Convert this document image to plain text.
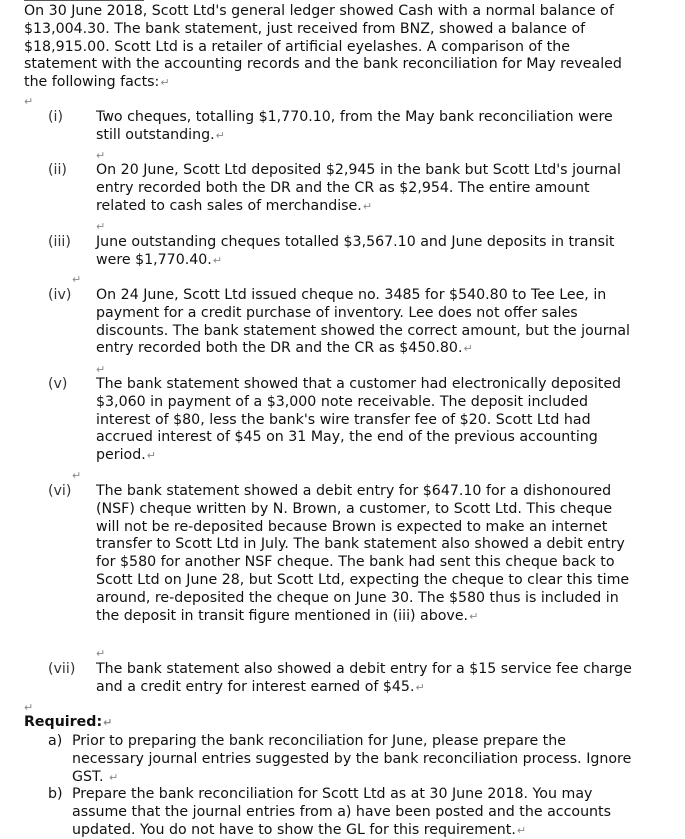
On 30 June 2018, Scott Ltd's general ledger showed Cash with a normal balance of $13,004.30. The bank statement, just received from BNZ, showed a balance of $18,915.00. Scott Ltd is a retailer of artificial eyelashes. A comparison of the statement with the accounting records and the bank reconciliation for May revealed the following facts:↵
↵
(i)	Two cheques, totalling $1,770.10, from the May bank reconciliation were still outstanding.↵
↵
(ii)	On 20 June, Scott Ltd deposited $2,945 in the bank but Scott Ltd's journal entry recorded both the DR and the CR as $2,954. The entire amount related to cash sales of merchandise.↵
↵
(iii)	June outstanding cheques totalled $3,567.10 and June deposits in transit were $1,770.40.↵
↵
(iv)	On 24 June, Scott Ltd issued cheque no. 3485 for $540.80 to Tee Lee, in payment for a credit purchase of inventory. Lee does not offer sales discounts. The bank statement showed the correct amount, but the journal entry recorded both the DR and the CR as $450.80.↵
↵
(v)	The bank statement showed that a customer had electronically deposited $3,060 in payment of a $3,000 note receivable. The deposit included interest of $80, less the bank's wire transfer fee of $20. Scott Ltd had accrued interest of $45 on 31 May, the end of the previous accounting period.↵
↵
(vi)	The bank statement showed a debit entry for $647.10 for a dishonoured (NSF) cheque written by N. Brown, a customer, to Scott Ltd. This cheque will not be re-deposited because Brown is expected to make an internet transfer to Scott Ltd in July. The bank statement also showed a debit entry for $580 for another NSF cheque. The bank had sent this cheque back to Scott Ltd on June 28, but Scott Ltd, expecting the cheque to clear this time around, re-deposited the cheque on June 30. The $580 thus is included in the deposit in transit figure mentioned in (iii) above.↵
↵
(vii)	The bank statement also showed a debit entry for a $15 service fee charge and a credit entry for interest earned of $45.↵
↵
Required:↵
a) Prior to preparing the bank reconciliation for June, please prepare the necessary journal entries suggested by the bank reconciliation process. Ignore GST. ↵
b) Prepare the bank reconciliation for Scott Ltd as at 30 June 2018. You may assume that the journal entries from a) have been posted and the accounts updated. You do not have to show the GL for this requirement.↵
